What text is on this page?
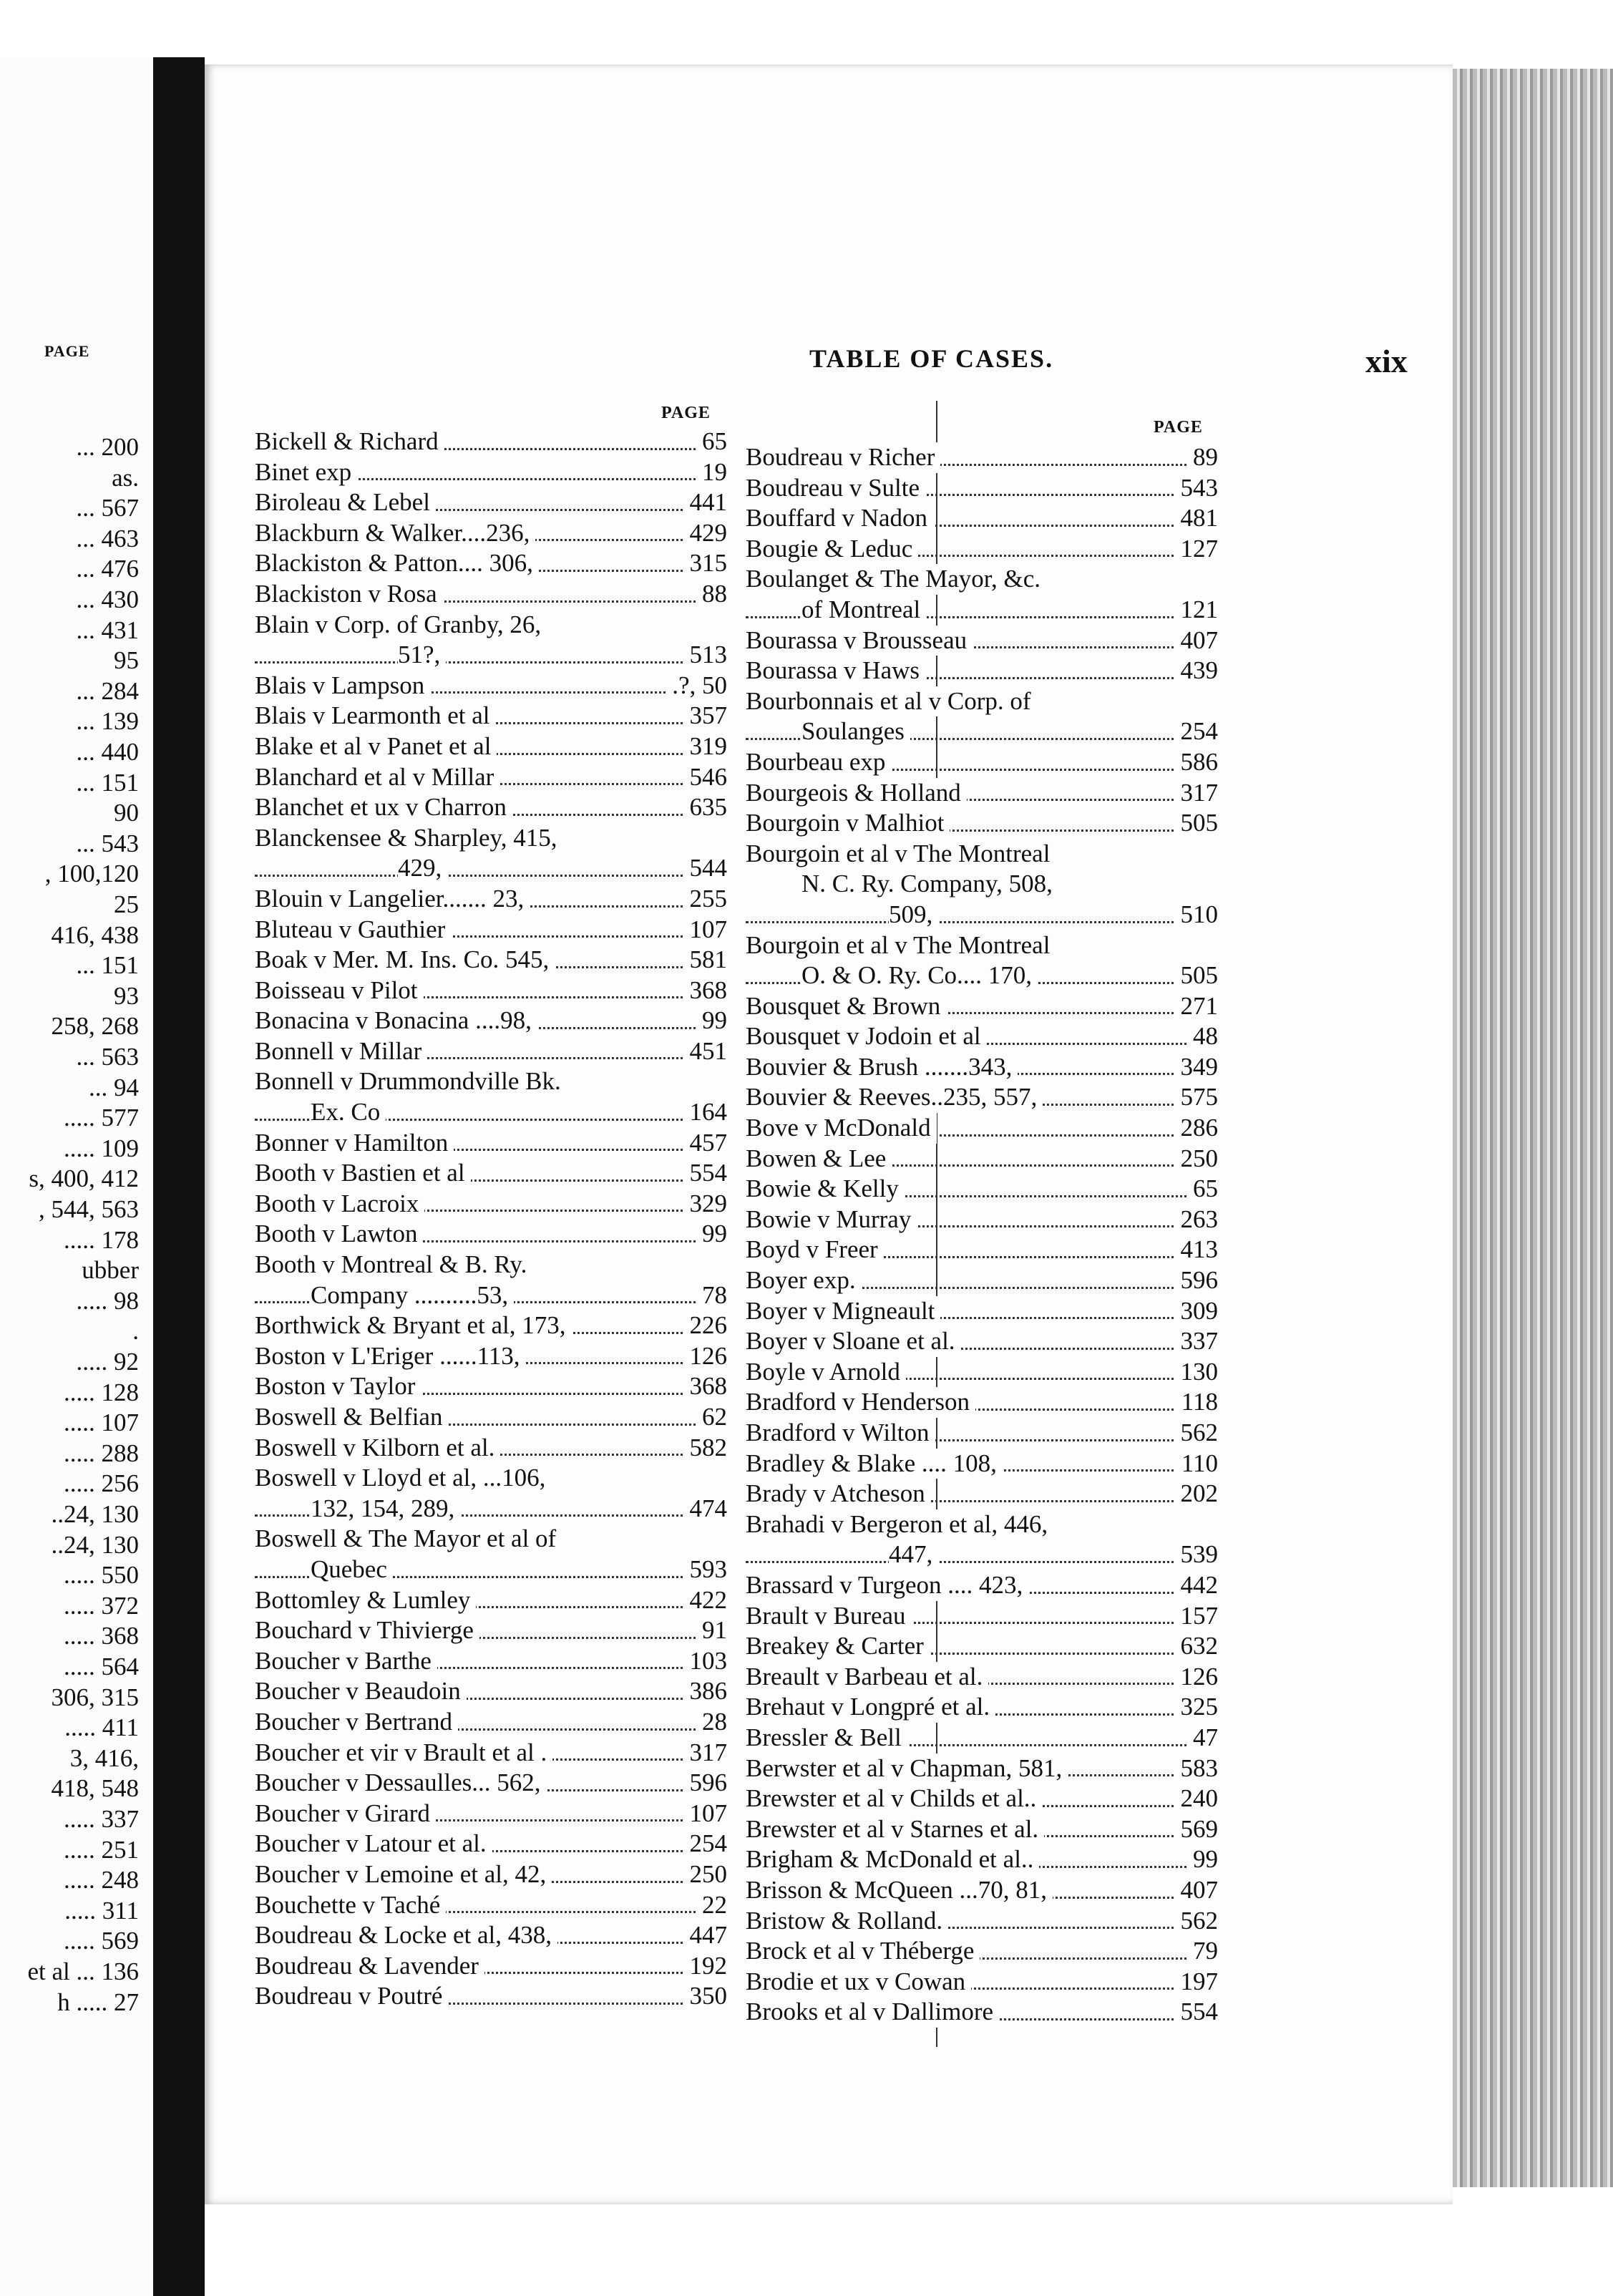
PAGE
... 200
as.
... 567
... 463
... 476
... 430
... 431
95
... 284
... 139
... 440
... 151
90
... 543
, 100,120
25
416, 438
... 151
93
258, 268
... 563
... 94
..... 577
..... 109
s, 400, 412
, 544, 563
..... 178
ubber
..... 98
.
..... 92
..... 128
..... 107
..... 288
..... 256
..24, 130
..24, 130
..... 550
..... 372
..... 368
..... 564
306, 315
..... 411
3, 416,
418, 548
..... 337
..... 251
..... 248
..... 311
..... 569
et al ... 136
h ..... 27
TABLE OF CASES.	xix
PAGE
PAGE
Bickell & Richard	65
Binet exp	19
Biroleau & Lebel	441
Blackburn & Walker....236,	429
Blackiston & Patton.... 306,	315
Blackiston v Rosa	88
Blain v Corp. of Granby, 26,
51?,	513
Blais v Lampson	.?, 50
Blais v Learmonth et al	357
Blake et al v Panet et al	319
Blanchard et al v Millar	546
Blanchet et ux v Charron	635
Blanckensee & Sharpley, 415,
429,	544
Blouin v Langelier....... 23,	255
Bluteau v Gauthier	107
Boak v Mer. M. Ins. Co. 545,	581
Boisseau v Pilot	368
Bonacina v Bonacina ....98,	99
Bonnell v Millar	451
Bonnell v Drummondville Bk.
Ex. Co	164
Bonner v Hamilton	457
Booth v Bastien et al	554
Booth v Lacroix	329
Booth v Lawton	99
Booth v Montreal & B. Ry.
Company ..........53,	78
Borthwick & Bryant et al, 173,	226
Boston v L'Eriger ......113,	126
Boston v Taylor	368
Boswell & Belfian	62
Boswell v Kilborn et al.	582
Boswell v Lloyd et al, ...106,
132, 154, 289,	474
Boswell & The Mayor et al of
Quebec	593
Bottomley & Lumley	422
Bouchard v Thivierge	91
Boucher v Barthe	103
Boucher v Beaudoin	386
Boucher v Bertrand	28
Boucher et vir v Brault et al .	317
Boucher v Dessaulles... 562,	596
Boucher v Girard	107
Boucher v Latour et al.	254
Boucher v Lemoine et al, 42,	250
Bouchette v Taché	22
Boudreau & Locke et al, 438,	447
Boudreau & Lavender	192
Boudreau v Poutré	350
Boudreau v Richer	89
Boudreau v Sulte	543
Bouffard v Nadon	481
Bougie & Leduc	127
Boulanget & The Mayor, &c.
of Montreal	121
Bourassa v Brousseau	407
Bourassa v Haws	439
Bourbonnais et al v Corp. of
Soulanges	254
Bourbeau exp	586
Bourgeois & Holland	317
Bourgoin v Malhiot	505
Bourgoin et al v The Montreal
N. C. Ry. Company, 508,
509,	510
Bourgoin et al v The Montreal
O. & O. Ry. Co.... 170,	505
Bousquet & Brown	271
Bousquet v Jodoin et al	48
Bouvier & Brush .......343,	349
Bouvier & Reeves..235, 557,	575
Bove v McDonald	286
Bowen & Lee	250
Bowie & Kelly	65
Bowie v Murray	263
Boyd v Freer	413
Boyer exp.	596
Boyer v Migneault	309
Boyer v Sloane et al.	337
Boyle v Arnold	130
Bradford v Henderson	118
Bradford v Wilton	562
Bradley & Blake .... 108,	110
Brady v Atcheson	202
Brahadi v Bergeron et al, 446,
447,	539
Brassard v Turgeon .... 423,	442
Brault v Bureau	157
Breakey & Carter	632
Breault v Barbeau et al.	126
Brehaut v Longpré et al.	325
Bressler & Bell	47
Berwster et al v Chapman, 581,	583
Brewster et al v Childs et al..	240
Brewster et al v Starnes et al.	569
Brigham & McDonald et al..	99
Brisson & McQueen ...70, 81,	407
Bristow & Rolland.	562
Brock et al v Théberge	79
Brodie et ux v Cowan	197
Brooks et al v Dallimore	554
